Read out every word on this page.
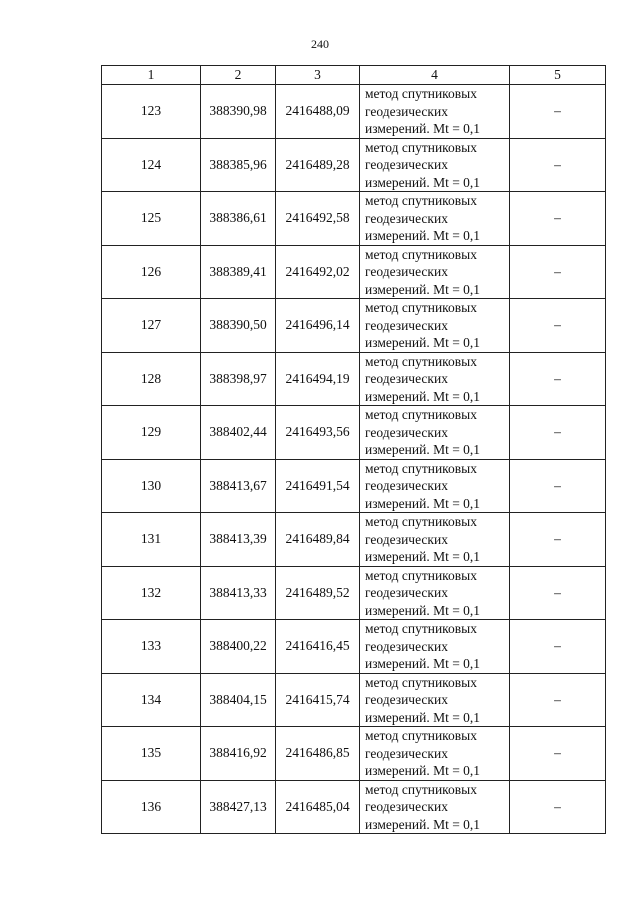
240
1	2	3	4	5
123	388390,98	2416488,09	метод спутниковых
геодезических
измерений. Mt = 0,1	–
124	388385,96	2416489,28	метод спутниковых
геодезических
измерений. Mt = 0,1	–
125	388386,61	2416492,58	метод спутниковых
геодезических
измерений. Mt = 0,1	–
126	388389,41	2416492,02	метод спутниковых
геодезических
измерений. Mt = 0,1	–
127	388390,50	2416496,14	метод спутниковых
геодезических
измерений. Mt = 0,1	–
128	388398,97	2416494,19	метод спутниковых
геодезических
измерений. Mt = 0,1	–
129	388402,44	2416493,56	метод спутниковых
геодезических
измерений. Mt = 0,1	–
130	388413,67	2416491,54	метод спутниковых
геодезических
измерений. Mt = 0,1	–
131	388413,39	2416489,84	метод спутниковых
геодезических
измерений. Mt = 0,1	–
132	388413,33	2416489,52	метод спутниковых
геодезических
измерений. Mt = 0,1	–
133	388400,22	2416416,45	метод спутниковых
геодезических
измерений. Mt = 0,1	–
134	388404,15	2416415,74	метод спутниковых
геодезических
измерений. Mt = 0,1	–
135	388416,92	2416486,85	метод спутниковых
геодезических
измерений. Mt = 0,1	–
136	388427,13	2416485,04	метод спутниковых
геодезических
измерений. Mt = 0,1	–
